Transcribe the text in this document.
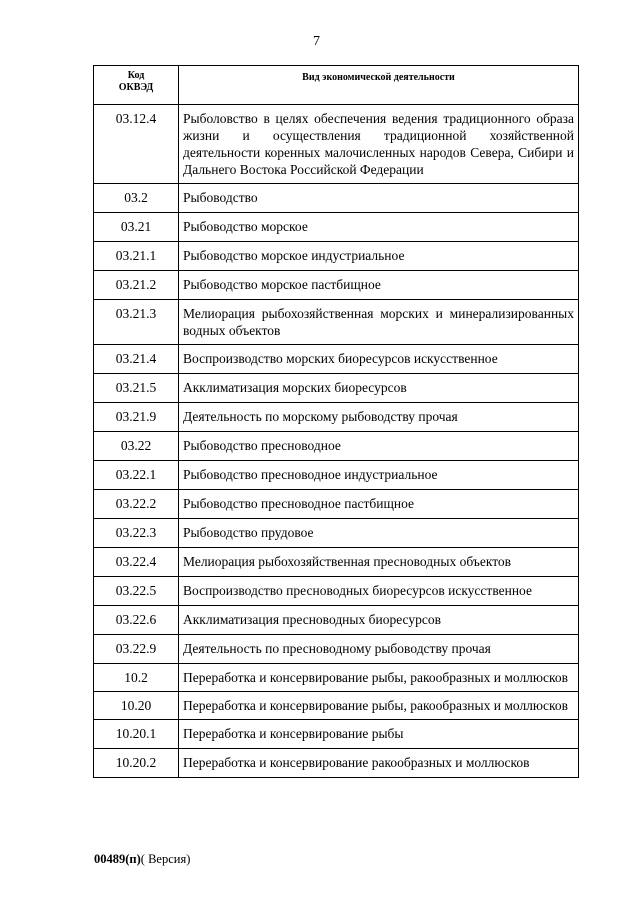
7
Код
ОКВЭД	Вид экономической деятельности
03.12.4	Рыболовство в целях обеспечения ведения традиционного образа жизни и осуществления традиционной хозяйственной деятельности коренных малочисленных народов Севера, Сибири и Дальнего Востока Российской Федерации
03.2	Рыбоводство
03.21	Рыбоводство морское
03.21.1	Рыбоводство морское индустриальное
03.21.2	Рыбоводство морское пастбищное
03.21.3	Мелиорация рыбохозяйственная морских и минерализированных водных объектов
03.21.4	Воспроизводство морских биоресурсов искусственное
03.21.5	Акклиматизация морских биоресурсов
03.21.9	Деятельность по морскому рыбоводству прочая
03.22	Рыбоводство пресноводное
03.22.1	Рыбоводство пресноводное индустриальное
03.22.2	Рыбоводство пресноводное пастбищное
03.22.3	Рыбоводство прудовое
03.22.4	Мелиорация рыбохозяйственная пресноводных объектов
03.22.5	Воспроизводство пресноводных биоресурсов искусственное
03.22.6	Акклиматизация пресноводных биоресурсов
03.22.9	Деятельность по пресноводному рыбоводству прочая
10.2	Переработка и консервирование рыбы, ракообразных и моллюсков
10.20	Переработка и консервирование рыбы, ракообразных и моллюсков
10.20.1	Переработка и консервирование рыбы
10.20.2	Переработка и консервирование ракообразных и моллюсков
00489(п)( Версия)
